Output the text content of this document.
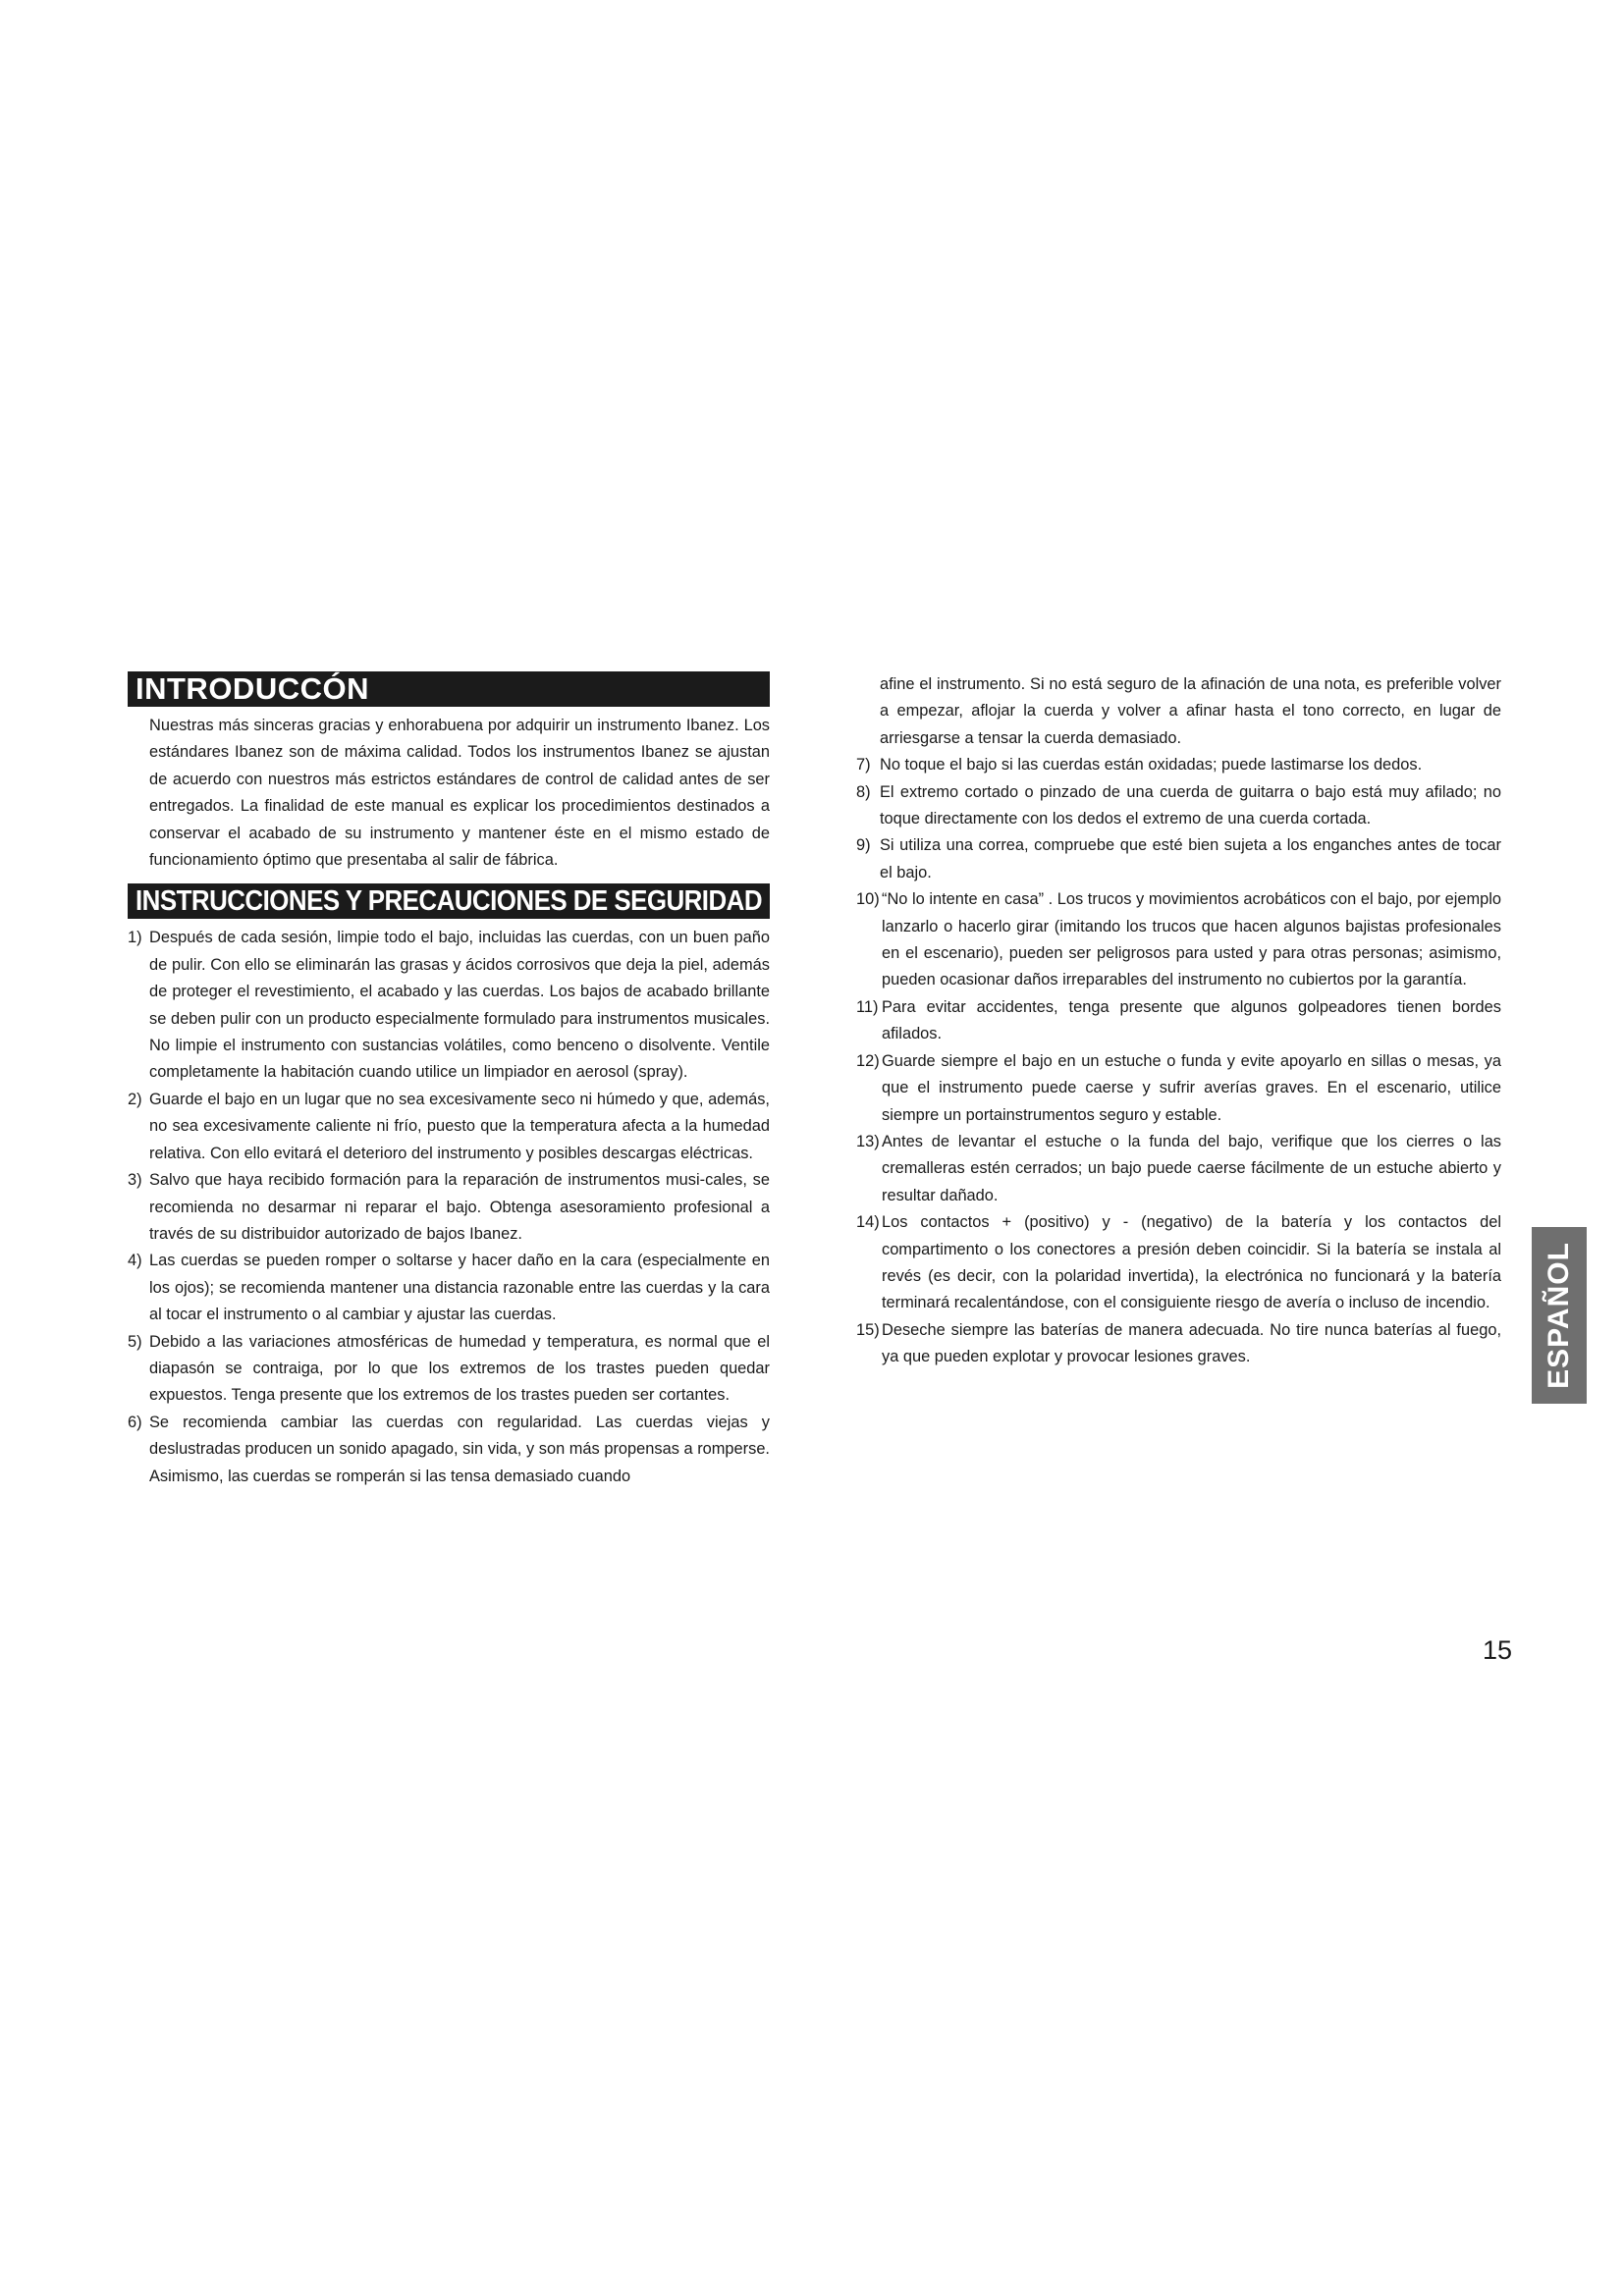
INTRODUCCÓN

Nuestras más sinceras gracias y enhorabuena por adquirir un instrumento Ibanez. Los estándares Ibanez son de máxima calidad. Todos los instrumentos Ibanez se ajustan de acuerdo con nuestros más estrictos estándares de control de calidad antes de ser entregados. La finalidad de este manual es explicar los procedimientos destinados a conservar el acabado de su instrumento y mantener éste en el mismo estado de funcionamiento óptimo que presentaba al salir de fábrica.

INSTRUCCIONES Y PRECAUCIONES DE SEGURIDAD
1) Después de cada sesión, limpie todo el bajo, incluidas las cuerdas, con un buen paño de pulir. Con ello se eliminarán las grasas y ácidos corrosivos que deja la piel, además de proteger el revestimiento, el acabado y las cuerdas. Los bajos de acabado brillante se deben pulir con un producto especialmente formulado para instrumentos musicales. No limpie el instrumento con sustancias volátiles, como benceno o disolvente. Ventile completamente la habitación cuando utilice un limpiador en aerosol (spray).
2) Guarde el bajo en un lugar que no sea excesivamente seco ni húmedo y que, además, no sea excesivamente caliente ni frío, puesto que la temperatura afecta a la humedad relativa. Con ello evitará el deterioro del instrumento y posibles descargas eléctricas.
3) Salvo que haya recibido formación para la reparación de instrumentos musi-cales, se recomienda no desarmar ni reparar el bajo. Obtenga asesoramiento profesional a través de su distribuidor autorizado de bajos Ibanez.
4) Las cuerdas se pueden romper o soltarse y hacer daño en la cara (especialmente en los ojos); se recomienda mantener una distancia razonable entre las cuerdas y la cara al tocar el instrumento o al cambiar y ajustar las cuerdas.
5) Debido a las variaciones atmosféricas de humedad y temperatura, es normal que el diapasón se contraiga, por lo que los extremos de los trastes pueden quedar expuestos. Tenga presente que los extremos de los trastes pueden ser cortantes.
6) Se recomienda cambiar las cuerdas con regularidad. Las cuerdas viejas y deslustradas producen un sonido apagado, sin vida, y son más propensas a romperse. Asimismo, las cuerdas se romperán si las tensa demasiado cuando
afine el instrumento. Si no está seguro de la afinación de una nota, es preferible volver a empezar, aflojar la cuerda y volver a afinar hasta el tono correcto, en lugar de arriesgarse a tensar la cuerda demasiado.
7) No toque el bajo si las cuerdas están oxidadas; puede lastimarse los dedos.
8) El extremo cortado o pinzado de una cuerda de guitarra o bajo está muy afilado; no toque directamente con los dedos el extremo de una cuerda cortada.
9) Si utiliza una correa, compruebe que esté bien sujeta a los enganches antes de tocar el bajo.
10) “No lo intente en casa” . Los trucos y movimientos acrobáticos con el bajo, por ejemplo lanzarlo o hacerlo girar (imitando los trucos que hacen algunos bajistas profesionales en el escenario), pueden ser peligrosos para usted y para otras personas; asimismo, pueden ocasionar daños irreparables del instrumento no cubiertos por la garantía.
11) Para evitar accidentes, tenga presente que algunos golpeadores tienen bordes afilados.
12) Guarde siempre el bajo en un estuche o funda y evite apoyarlo en sillas o mesas, ya que el instrumento puede caerse y sufrir averías graves. En el escenario, utilice siempre un portainstrumentos seguro y estable.
13) Antes de levantar el estuche o la funda del bajo, verifique que los cierres o las cremalleras estén cerrados; un bajo puede caerse fácilmente de un estuche abierto y resultar dañado.
14) Los contactos + (positivo) y - (negativo) de la batería y los contactos del compartimento o los conectores a presión deben coincidir. Si la batería se instala al revés (es decir, con la polaridad invertida), la electrónica no funcionará y la batería terminará recalentándose, con el consiguiente riesgo de avería o incluso de incendio.
15) Deseche siempre las baterías de manera adecuada. No tire nunca baterías al fuego, ya que pueden explotar y provocar lesiones graves.	ESPAÑOL
15
